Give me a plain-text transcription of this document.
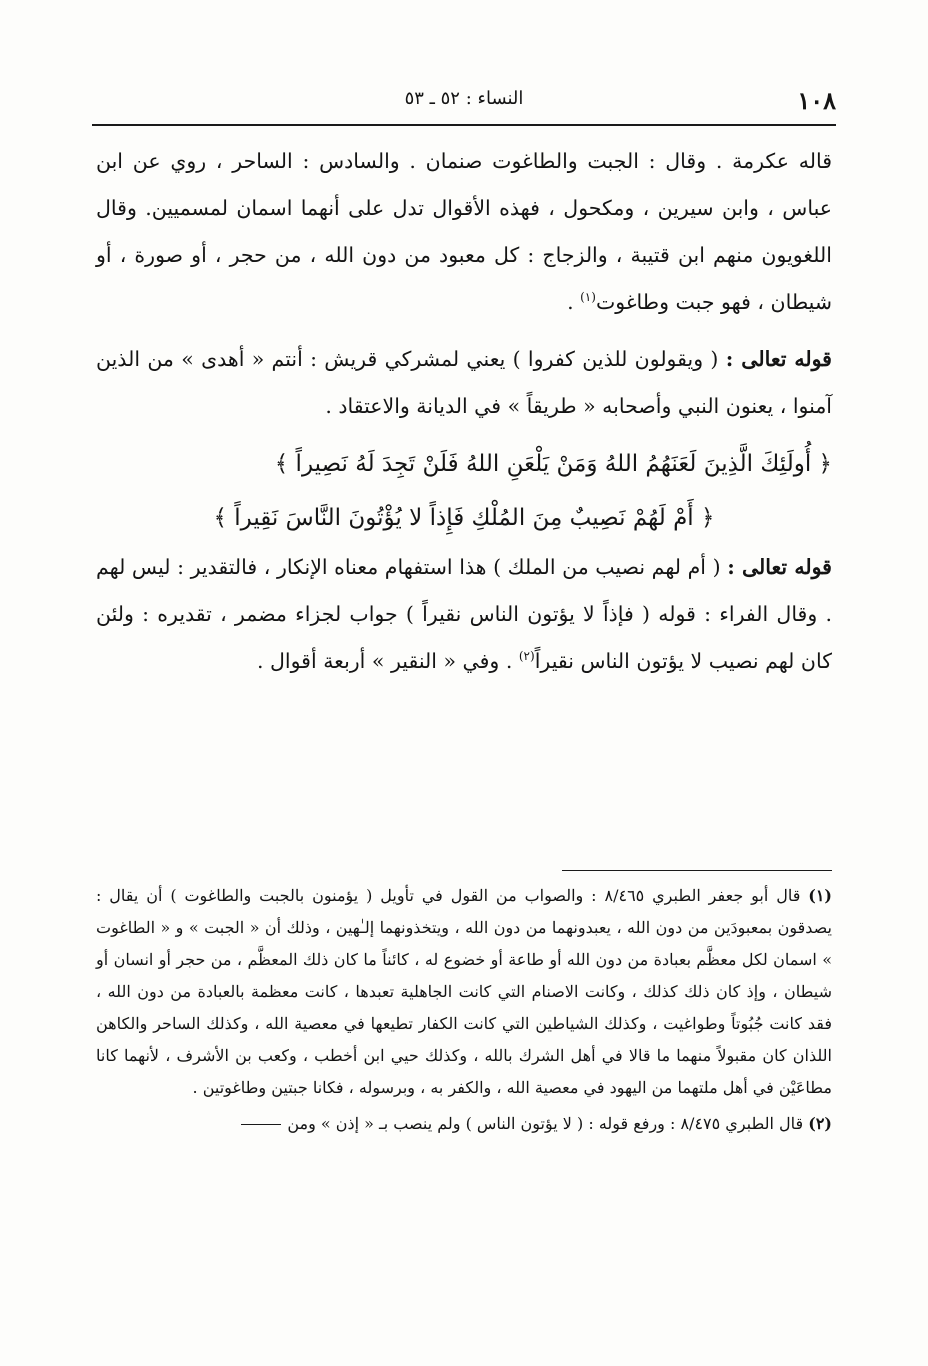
١٠٨
النساء : ٥٢ ـ ٥٣

قاله عكرمة . وقال : الجبت والطاغوت صنمان . والسادس : الساحر ، روي عن ابن عباس ، وابن سيرين ، ومكحول ، فهذه الأقوال تدل على أنهما اسمان لمسميين. وقال اللغويون منهم ابن قتيبة ، والزجاج : كل معبود من دون الله ، من حجر ، أو صورة ، أو شيطان ، فهو جبت وطاغوت$^{(١)}$ .

قوله تعالى : ( ويقولون للذين كفروا ) يعني لمشركي قريش : أنتم « أهدى » من الذين آمنوا ، يعنون النبي وأصحابه « طريقاً » في الديانة والاعتقاد .

﴿ أُولَئِكَ الَّذِينَ لَعَنَهُمُ اللهُ وَمَنْ يَلْعَنِ اللهُ فَلَنْ تَجِدَ لَهُ نَصِيراً ﴾

﴿ أَمْ لَهُمْ نَصِيبٌ مِنَ المُلْكِ فَإِذاً لا يُؤْتُونَ النَّاسَ نَقِيراً ﴾

قوله تعالى : ( أم لهم نصيب من الملك ) هذا استفهام معناه الإنكار ، فالتقدير : ليس لهم . وقال الفراء : قوله ( فإذاً لا يؤتون الناس نقيراً ) جواب لجزاء مضمر ، تقديره : ولئن كان لهم نصيب لا يؤتون الناس نقيراً$^{(٢)}$ . وفي « النقير » أربعة أقوال .

(١) قال أبو جعفر الطبري ٨/٤٦٥ : والصواب من القول في تأويل ( يؤمنون بالجبت والطاغوت ) أن يقال : يصدقون بمعبودَين من دون الله ، يعبدونهما من دون الله ، ويتخذونهما إلـٰهين ، وذلك أن « الجبت » و « الطاغوت » اسمان لكل معظَّم بعبادة من دون الله أو طاعة أو خضوع له ، كائناً ما كان ذلك المعظَّم ، من حجر أو انسان أو شيطان ، وإذ كان ذلك كذلك ، وكانت الاصنام التي كانت الجاهلية تعبدها ، كانت معظمة بالعبادة من دون الله ، فقد كانت جُبُوتاً وطواغيت ، وكذلك الشياطين التي كانت الكفار تطيعها في معصية الله ، وكذلك الساحر والكاهن اللذان كان مقبولاً منهما ما قالا في أهل الشرك بالله ، وكذلك حيي ابن أخطب ، وكعب بن الأشرف ، لأنهما كانا مطاعَيْن في أهل ملتهما من اليهود في معصية الله ، والكفر به ، وبرسوله ، فكانا جبتين وطاغوتين .

(٢) قال الطبري ٨/٤٧٥ : ورفع قوله : ( لا يؤتون الناس ) ولم ينصب بـ « إذن » ومن
